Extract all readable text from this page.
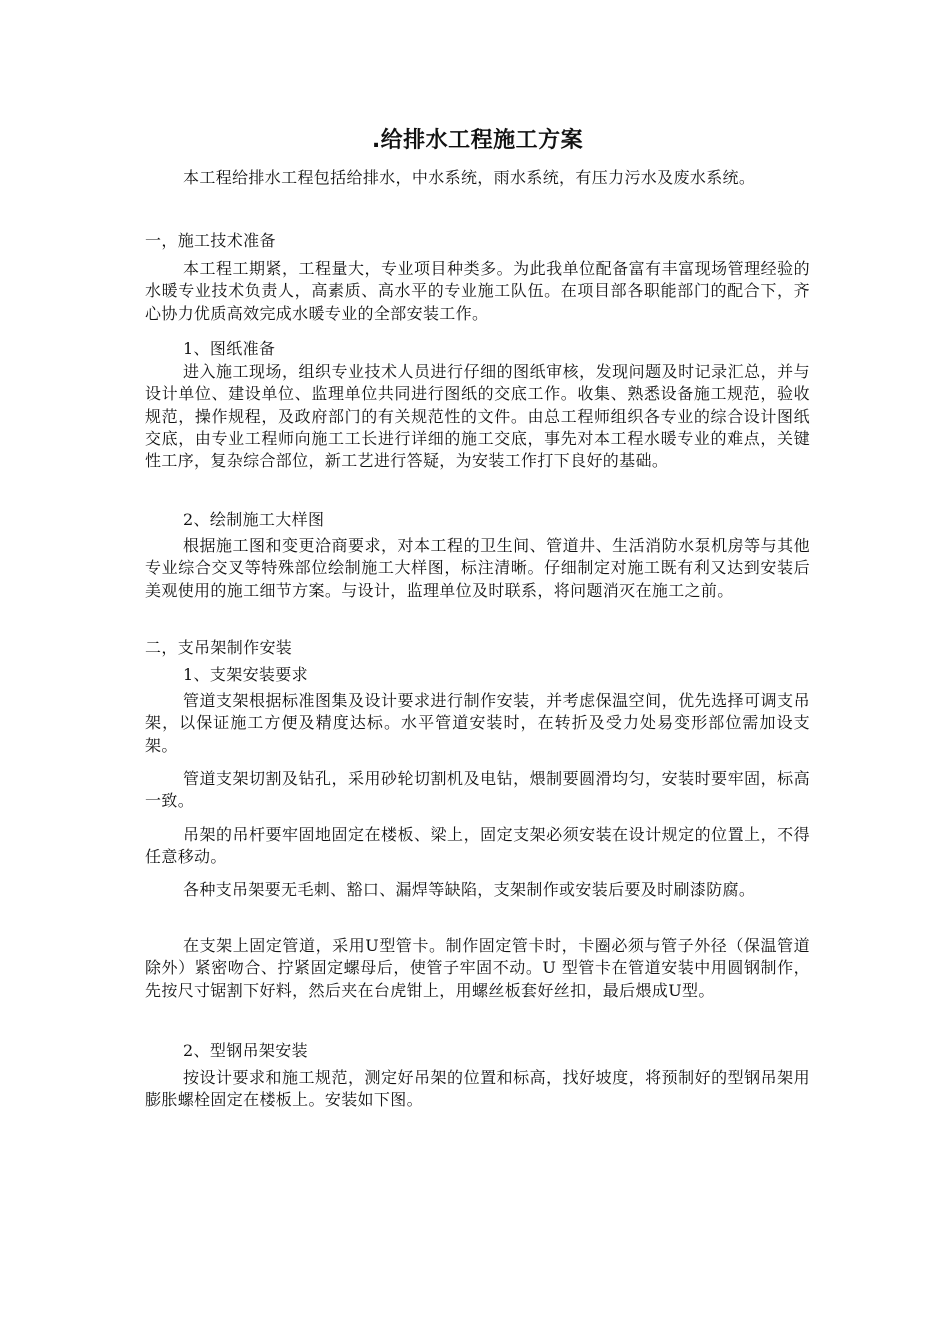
.给排水工程施工方案
本工程给排水工程包括给排水，中水系统，雨水系统，有压力污水及废水系统。
一，施工技术准备
本工程工期紧，工程量大，专业项目种类多。为此我单位配备富有丰富现场管理经验的水暖专业技术负责人，高素质、高水平的专业施工队伍。在项目部各职能部门的配合下，齐心协力优质高效完成水暖专业的全部安装工作。
1、图纸准备
进入施工现场，组织专业技术人员进行仔细的图纸审核，发现问题及时记录汇总，并与设计单位、建设单位、监理单位共同进行图纸的交底工作。收集、熟悉设备施工规范，验收规范，操作规程，及政府部门的有关规范性的文件。由总工程师组织各专业的综合设计图纸交底，由专业工程师向施工工长进行详细的施工交底，事先对本工程水暖专业的难点，关键性工序，复杂综合部位，新工艺进行答疑，为安装工作打下良好的基础。
2、绘制施工大样图
根据施工图和变更洽商要求，对本工程的卫生间、管道井、生活消防水泵机房等与其他专业综合交叉等特殊部位绘制施工大样图，标注清晰。仔细制定对施工既有利又达到安装后美观使用的施工细节方案。与设计，监理单位及时联系，将问题消灭在施工之前。
二，支吊架制作安装
1、支架安装要求
管道支架根据标准图集及设计要求进行制作安装，并考虑保温空间，优先选择可调支吊架，以保证施工方便及精度达标。水平管道安装时，在转折及受力处易变形部位需加设支架。
管道支架切割及钻孔，采用砂轮切割机及电钻，煨制要圆滑均匀，安装时要牢固，标高一致。
吊架的吊杆要牢固地固定在楼板、梁上，固定支架必须安装在设计规定的位置上，不得任意移动。
各种支吊架要无毛刺、豁口、漏焊等缺陷，支架制作或安装后要及时刷漆防腐。
在支架上固定管道，采用U型管卡。制作固定管卡时，卡圈必须与管子外径（保温管道除外）紧密吻合、拧紧固定螺母后，使管子牢固不动。U 型管卡在管道安装中用圆钢制作，先按尺寸锯割下好料，然后夹在台虎钳上，用螺丝板套好丝扣，最后煨成U型。
2、型钢吊架安装
按设计要求和施工规范，测定好吊架的位置和标高，找好坡度，将预制好的型钢吊架用膨胀螺栓固定在楼板上。安装如下图。
